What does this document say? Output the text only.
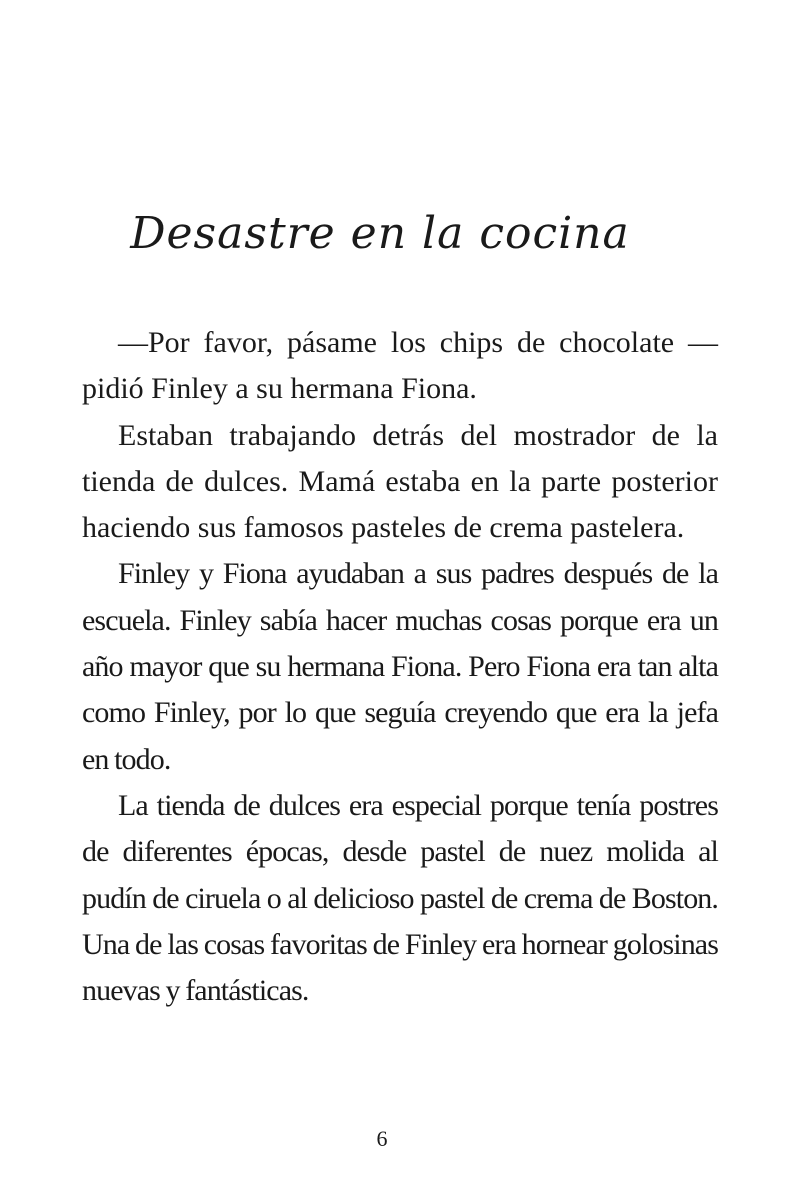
Desastre en la cocina

—Por favor, pásame los chips de chocolate —pidió Finley a su hermana Fiona.

Estaban trabajando detrás del mostrador de la tienda de dulces. Mamá estaba en la parte posterior haciendo sus famosos pasteles de crema pastelera.

Finley y Fiona ayudaban a sus padres después de la escuela. Finley sabía hacer muchas cosas porque era un año mayor que su hermana Fiona. Pero Fiona era tan alta como Finley, por lo que seguía creyendo que era la jefa en todo.

La tienda de dulces era especial porque tenía postres de diferentes épocas, desde pastel de nuez molida al pudín de ciruela o al delicioso pastel de crema de Boston. Una de las cosas favoritas de Finley era hornear golosinas nuevas y fantásticas.

6
